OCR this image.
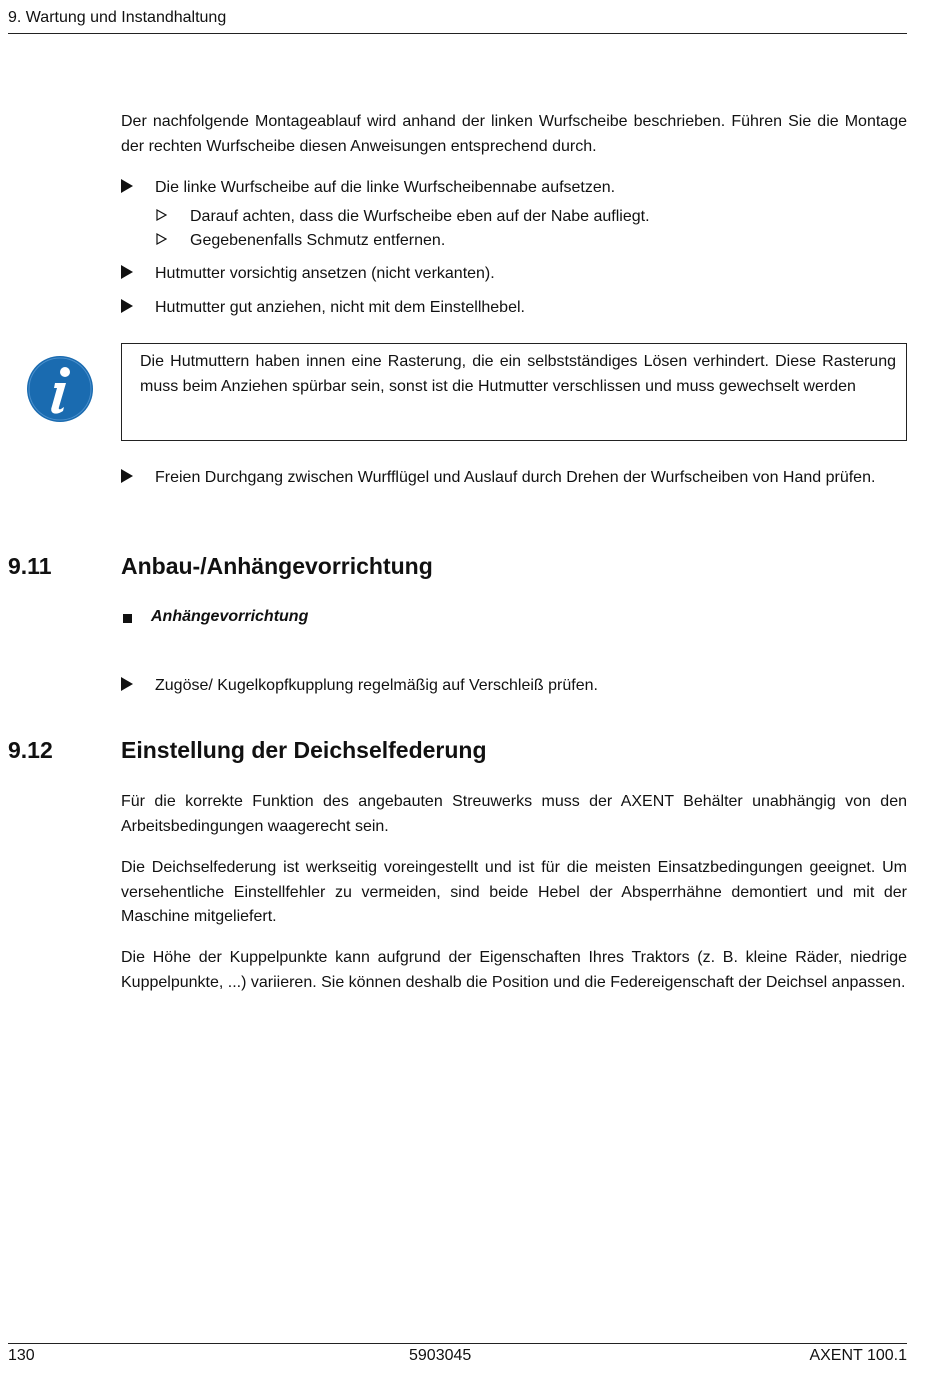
9. Wartung und Instandhaltung

Der nachfolgende Montageablauf wird anhand der linken Wurfscheibe beschrieben. Führen Sie die Montage der rechten Wurfscheibe diesen Anweisungen entsprechend durch.

Die linke Wurfscheibe auf die linke Wurfscheibennabe aufsetzen.
Darauf achten, dass die Wurfscheibe eben auf der Nabe aufliegt.
Gegebenenfalls Schmutz entfernen.
Hutmutter vorsichtig ansetzen (nicht verkanten).
Hutmutter gut anziehen, nicht mit dem Einstellhebel.
Die Hutmuttern haben innen eine Rasterung, die ein selbstständiges Lösen verhindert. Diese Rasterung muss beim Anziehen spürbar sein, sonst ist die Hutmutter verschlissen und muss gewechselt werden
Freien Durchgang zwischen Wurfflügel und Auslauf durch Drehen der Wurfscheiben von Hand prüfen.
9.11	Anbau-/Anhängevorrichtung
Anhängevorrichtung
Zugöse/ Kugelkopfkupplung regelmäßig auf Verschleiß prüfen.
9.12	Einstellung der Deichselfederung

Für die korrekte Funktion des angebauten Streuwerks muss der AXENT Behälter unabhängig von den Arbeitsbedingungen waagerecht sein.

Die Deichselfederung ist werkseitig voreingestellt und ist für die meisten Einsatzbedingungen geeignet. Um versehentliche Einstellfehler zu vermeiden, sind beide Hebel der Absperrhähne demontiert und mit der Maschine mitgeliefert.

Die Höhe der Kuppelpunkte kann aufgrund der Eigenschaften Ihres Traktors (z. B. kleine Räder, niedrige Kuppelpunkte, ...) variieren. Sie können deshalb die Position und die Federeigenschaft der Deichsel anpassen.

130	5903045	AXENT 100.1
